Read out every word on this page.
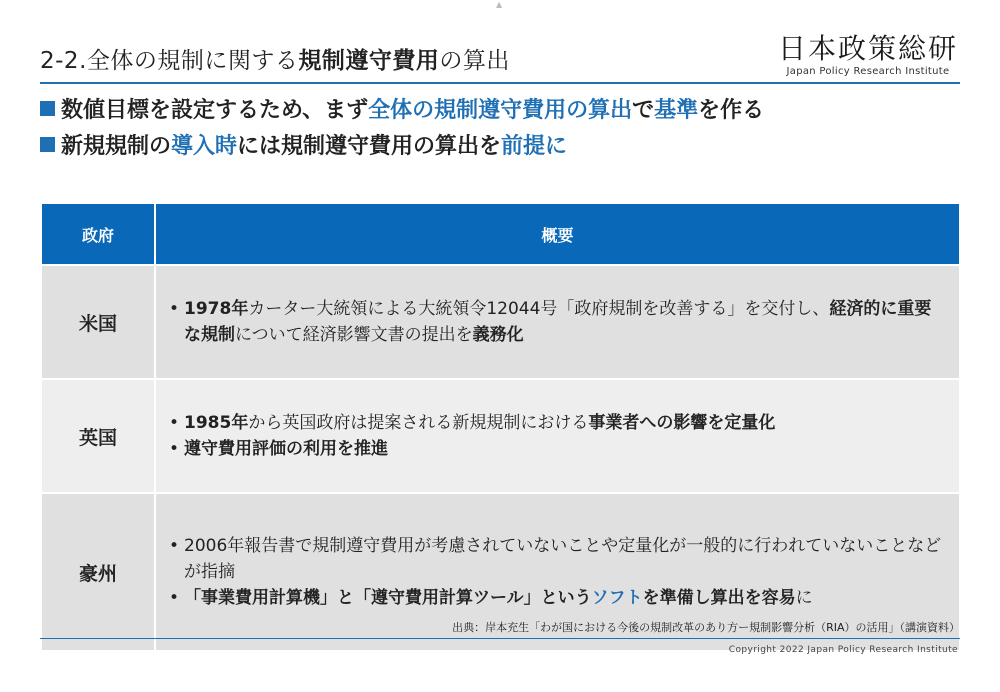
▲
2-2.全体の規制に関する規制遵守費用の算出	日本政策総研
Japan Policy Research Institute
数値目標を設定するため、まず全体の規制遵守費用の算出で基準を作る
新規規制の導入時には規制遵守費用の算出を前提に
政府	概要
米国	• 1978年カーター大統領による大統領令12044号「政府規制を改善する」を交付し、経済的に重要な規制について経済影響文書の提出を義務化

英国	• 1985年から英国政府は提案される新規規制における事業者への影響を定量化
• 遵守費用評価の利用を推進

豪州	• 2006年報告書で規制遵守費用が考慮されていないことや定量化が一般的に行われていないことなどが指摘
• 「事業費用計算機」と「遵守費用計算ツール」というソフトを準備し算出を容易に
出典：岸本充生「わが国における今後の規制改革のあり方ー規制影響分析（RIA）の活用」（講演資料）
Copyright 2022 Japan Policy Research Institute
